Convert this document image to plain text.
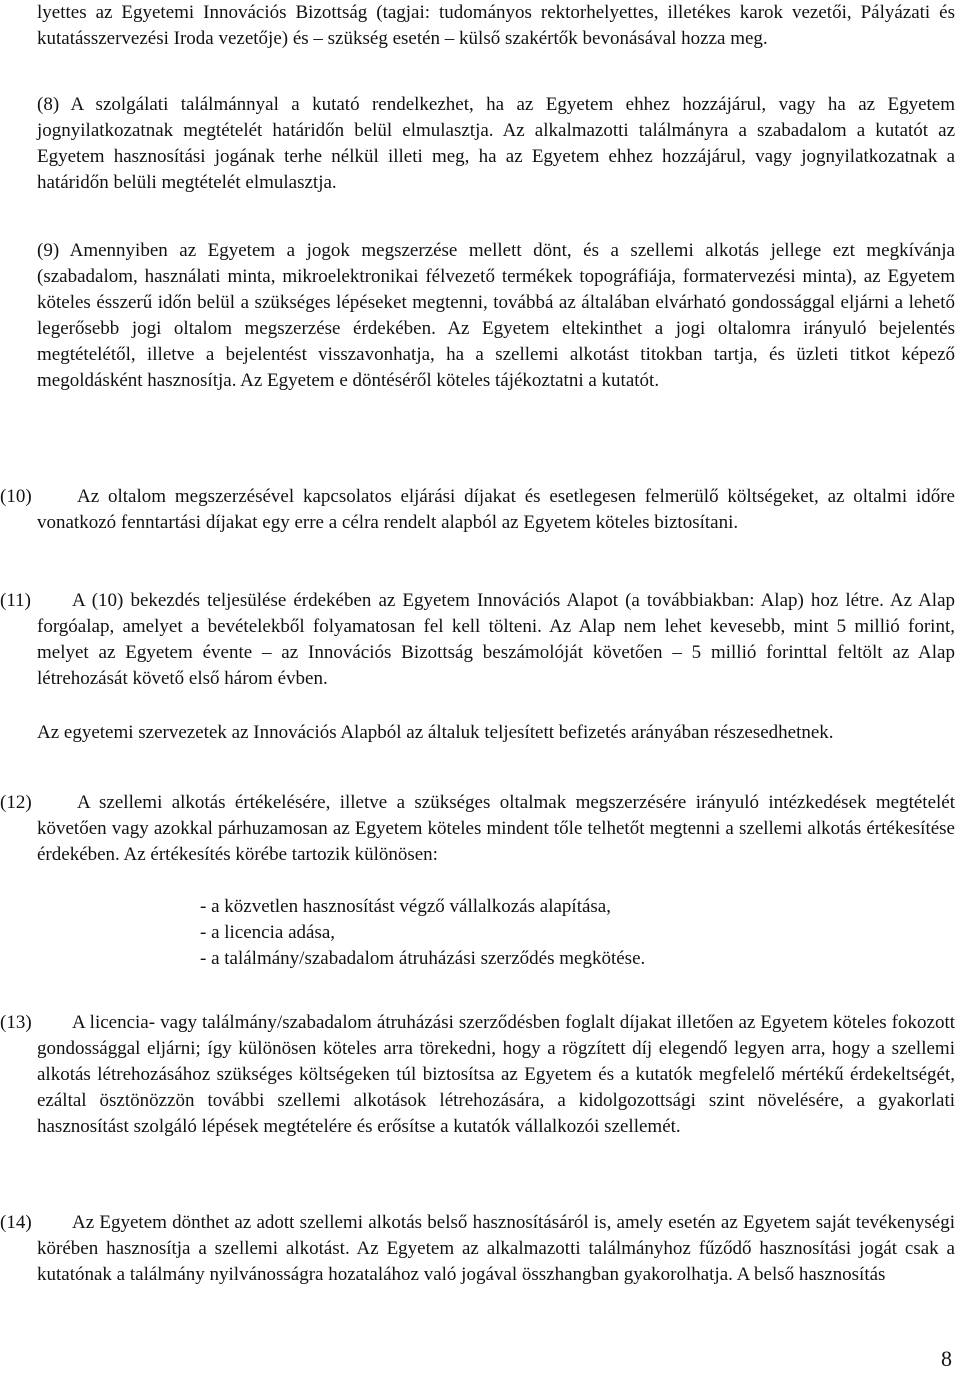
lyettes az Egyetemi Innovációs Bizottság (tagjai: tudományos rektorhelyettes, illetékes karok vezetői, Pályázati és kutatásszervezési Iroda vezetője) és – szükség esetén – külső szakértők bevonásával hozza meg.
(8) A szolgálati találmánnyal a kutató rendelkezhet, ha az Egyetem ehhez hozzájárul, vagy ha az Egyetem jognyilatkozatnak megtételét határidőn belül elmulasztja. Az alkalmazotti találmányra a szabadalom a kutatót az Egyetem hasznosítási jogának terhe nélkül illeti meg, ha az Egyetem ehhez hozzájárul, vagy jognyilatkozatnak a határidőn belüli megtételét elmulasztja.
(9) Amennyiben az Egyetem a jogok megszerzése mellett dönt, és a szellemi alkotás jellege ezt megkívánja (szabadalom, használati minta, mikroelektronikai félvezető termékek topográfiája, formatervezési minta), az Egyetem köteles ésszerű időn belül a szükséges lépéseket megtenni, továbbá az általában elvárható gondossággal eljárni a lehető legerősebb jogi oltalom megszerzése érdekében. Az Egyetem eltekinthet a jogi oltalomra irányuló bejelentés megtételétől, illetve a bejelentést visszavonhatja, ha a szellemi alkotást titokban tartja, és üzleti titkot képező megoldásként hasznosítja. Az Egyetem e döntéséről köteles tájékoztatni a kutatót.
(10)	Az oltalom megszerzésével kapcsolatos eljárási díjakat és esetlegesen felmerülő költségeket, az oltalmi időre vonatkozó fenntartási díjakat egy erre a célra rendelt alapból az Egyetem köteles biztosítani.
(11)	A (10) bekezdés teljesülése érdekében az Egyetem Innovációs Alapot (a továbbiakban: Alap) hoz létre. Az Alap forgóalap, amelyet a bevételekből folyamatosan fel kell tölteni. Az Alap nem lehet kevesebb, mint 5 millió forint, melyet az Egyetem évente – az Innovációs Bizottság beszámolóját követően – 5 millió forinttal feltölt az Alap létrehozását követő első három évben.
Az egyetemi szervezetek az Innovációs Alapból az általuk teljesített befizetés arányában részesedhetnek.
(12)	A szellemi alkotás értékelésére, illetve a szükséges oltalmak megszerzésére irányuló intézkedések megtételét követően vagy azokkal párhuzamosan az Egyetem köteles mindent tőle telhetőt megtenni a szellemi alkotás értékesítése érdekében. Az értékesítés körébe tartozik különösen:
- a közvetlen hasznosítást végző vállalkozás alapítása,
- a licencia adása,
- a találmány/szabadalom átruházási szerződés megkötése.
(13)	A licencia- vagy találmány/szabadalom átruházási szerződésben foglalt díjakat illetően az Egyetem köteles fokozott gondossággal eljárni; így különösen köteles arra törekedni, hogy a rögzített díj elegendő legyen arra, hogy a szellemi alkotás létrehozásához szükséges költségeken túl biztosítsa az Egyetem és a kutatók megfelelő mértékű érdekeltségét, ezáltal ösztönözzön további szellemi alkotások létrehozására, a kidolgozottsági szint növelésére, a gyakorlati hasznosítást szolgáló lépések megtételére és erősítse a kutatók vállalkozói szellemét.
(14)	Az Egyetem dönthet az adott szellemi alkotás belső hasznosításáról is, amely esetén az Egyetem saját tevékenységi körében hasznosítja a szellemi alkotást. Az Egyetem az alkalmazotti találmányhoz fűződő hasznosítási jogát csak a kutatónak a találmány nyilvánosságra hozatalához való jogával összhangban gyakorolhatja. A belső hasznosítás
8
